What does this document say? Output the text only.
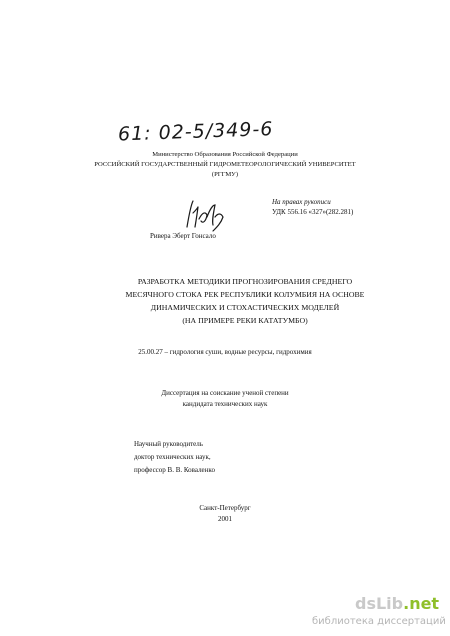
61: 02-5/349-6
Министерство Образования Российской Федерации
РОССИЙСКИЙ ГОСУДАРСТВЕННЫЙ ГИДРОМЕТЕОРОЛОГИЧЕСКИЙ УНИВЕРСИТЕТ
(РГГМУ)
На правах рукописи
УДК 556.16 «327»(282.281)
Ривера Эберт Гонсало
РАЗРАБОТКА МЕТОДИКИ ПРОГНОЗИРОВАНИЯ СРЕДНЕГО
МЕСЯЧНОГО СТОКА РЕК РЕСПУБЛИКИ КОЛУМБИЯ НА ОСНОВЕ
ДИНАМИЧЕСКИХ И СТОХАСТИЧЕСКИХ МОДЕЛЕЙ
(НА ПРИМЕРЕ РЕКИ КАТАТУМБО)
25.00.27 – гидрология суши, водные ресурсы, гидрохимия
Диссертация на соискание ученой степени
кандидата технических наук
Научный руководитель
доктор технических наук,
профессор В. В. Коваленко
Санкт-Петербург
2001
dsLib.net
библиотека диссертаций
